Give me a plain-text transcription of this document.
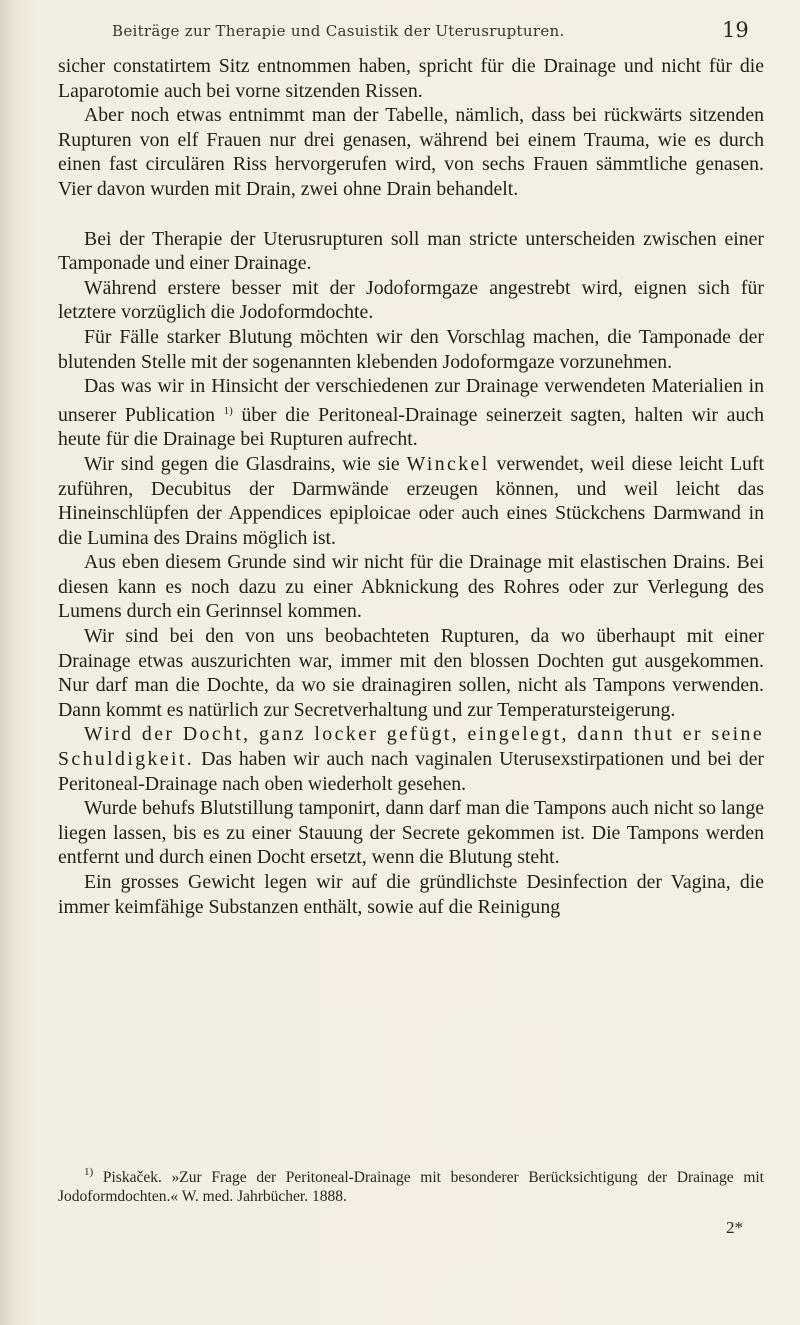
Beiträge zur Therapie und Casuistik der Uterusrupturen.	19

sicher constatirtem Sitz entnommen haben, spricht für die Drainage und nicht für die Laparotomie auch bei vorne sitzenden Rissen.

Aber noch etwas entnimmt man der Tabelle, nämlich, dass bei rückwärts sitzenden Rupturen von elf Frauen nur drei genasen, während bei einem Trauma, wie es durch einen fast circulären Riss hervorgerufen wird, von sechs Frauen sämmtliche genasen. Vier davon wurden mit Drain, zwei ohne Drain behandelt.

Bei der Therapie der Uterusrupturen soll man stricte unterscheiden zwischen einer Tamponade und einer Drainage.

Während erstere besser mit der Jodoformgaze angestrebt wird, eignen sich für letztere vorzüglich die Jodoformdochte.

Für Fälle starker Blutung möchten wir den Vorschlag machen, die Tamponade der blutenden Stelle mit der sogenannten klebenden Jodoformgaze vorzunehmen.

Das was wir in Hinsicht der verschiedenen zur Drainage verwendeten Materialien in unserer Publication $^{1)}$ über die Peritoneal-Drainage seinerzeit sagten, halten wir auch heute für die Drainage bei Rupturen aufrecht.

Wir sind gegen die Glasdrains, wie sie Winckel verwendet, weil diese leicht Luft zuführen, Decubitus der Darmwände erzeugen können, und weil leicht das Hineinschlüpfen der Appendices epiploicae oder auch eines Stückchens Darmwand in die Lumina des Drains möglich ist.

Aus eben diesem Grunde sind wir nicht für die Drainage mit elastischen Drains. Bei diesen kann es noch dazu zu einer Abknickung des Rohres oder zur Verlegung des Lumens durch ein Gerinnsel kommen.

Wir sind bei den von uns beobachteten Rupturen, da wo überhaupt mit einer Drainage etwas auszurichten war, immer mit den blossen Dochten gut ausgekommen. Nur darf man die Dochte, da wo sie drainagiren sollen, nicht als Tampons verwenden. Dann kommt es natürlich zur Secretverhaltung und zur Temperatursteigerung.

Wird der Docht, ganz locker gefügt, eingelegt, dann thut er seine Schuldigkeit. Das haben wir auch nach vaginalen Uterusexstirpationen und bei der Peritoneal-Drainage nach oben wiederholt gesehen.

Wurde behufs Blutstillung tamponirt, dann darf man die Tampons auch nicht so lange liegen lassen, bis es zu einer Stauung der Secrete gekommen ist. Die Tampons werden entfernt und durch einen Docht ersetzt, wenn die Blutung steht.

Ein grosses Gewicht legen wir auf die gründlichste Desinfection der Vagina, die immer keimfähige Substanzen enthält, sowie auf die Reinigung

$^{1)}$ Piskaček. »Zur Frage der Peritoneal-Drainage mit besonderer Berücksichtigung der Drainage mit Jodoformdochten.« W. med. Jahrbücher. 1888.
2*
